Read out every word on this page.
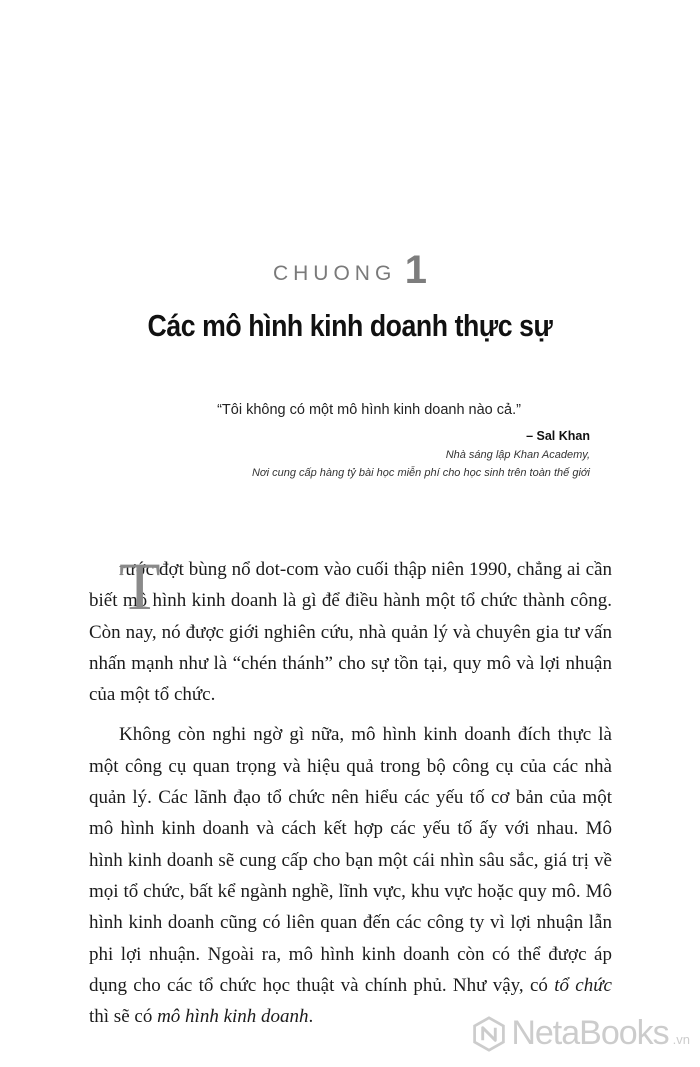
CHUONG 1
Các mô hình kinh doanh thực sự
“Tôi không có một mô hình kinh doanh nào cả.”
– Sal Khan
Nhà sáng lập Khan Academy,
Nơi cung cấp hàng tỷ bài học miễn phí cho học sinh trên toàn thế giới

T
rước đợt bùng nổ dot-com vào cuối thập niên 1990, chẳng ai cần biết mô hình kinh doanh là gì để điều hành một tổ chức thành công. Còn nay, nó được giới nghiên cứu, nhà quản lý và chuyên gia tư vấn nhấn mạnh như là “chén thánh” cho sự tồn tại, quy mô và lợi nhuận của một tổ chức.

Không còn nghi ngờ gì nữa, mô hình kinh doanh đích thực là một công cụ quan trọng và hiệu quả trong bộ công cụ của các nhà quản lý. Các lãnh đạo tổ chức nên hiểu các yếu tố cơ bản của một mô hình kinh doanh và cách kết hợp các yếu tố ấy với nhau. Mô hình kinh doanh sẽ cung cấp cho bạn một cái nhìn sâu sắc, giá trị về mọi tổ chức, bất kể ngành nghề, lĩnh vực, khu vực hoặc quy mô. Mô hình kinh doanh cũng có liên quan đến các công ty vì lợi nhuận lẫn phi lợi nhuận. Ngoài ra, mô hình kinh doanh còn có thể được áp dụng cho các tổ chức học thuật và chính phủ. Như vậy, có tổ chức thì sẽ có mô hình kinh doanh.	NetaBooks .vn
